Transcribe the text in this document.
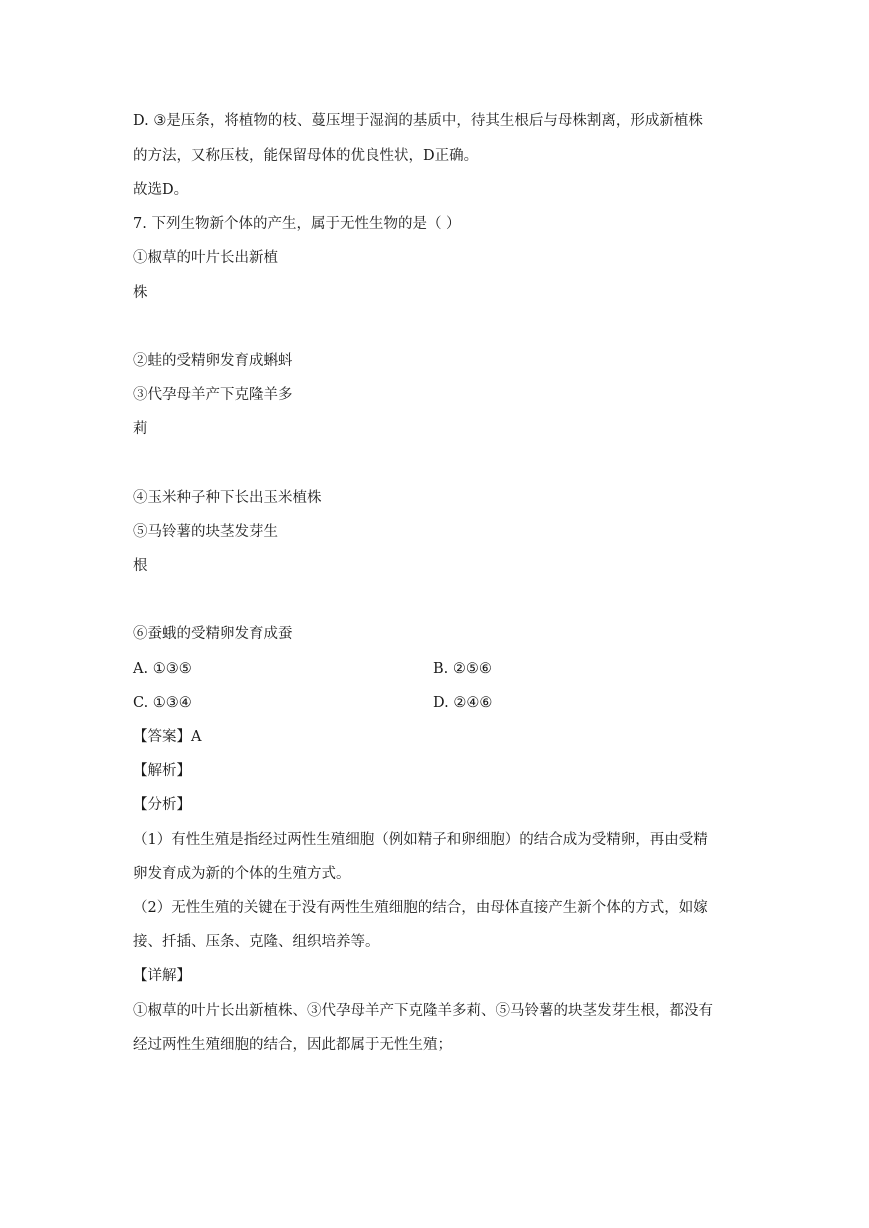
D. ③是压条，将植物的枝、蔓压埋于湿润的基质中，待其生根后与母株割离，形成新植株
的方法，又称压枝，能保留母体的优良性状，D正确。
故选D。
7. 下列生物新个体的产生，属于无性生物的是（ ）
①椒草的叶片长出新植
株
②蛙的受精卵发育成蝌蚪
③代孕母羊产下克隆羊多
莉
④玉米种子种下长出玉米植株
⑤马铃薯的块茎发芽生
根
⑥蚕蛾的受精卵发育成蚕
A. ①③⑤	B. ②⑤⑥
C. ①③④	D. ②④⑥
【答案】A
【解析】
【分析】
（1）有性生殖是指经过两性生殖细胞（例如精子和卵细胞）的结合成为受精卵，再由受精
卵发育成为新的个体的生殖方式。
（2）无性生殖的关键在于没有两性生殖细胞的结合，由母体直接产生新个体的方式，如嫁
接、扦插、压条、克隆、组织培养等。
【详解】
①椒草的叶片长出新植株、③代孕母羊产下克隆羊多莉、⑤马铃薯的块茎发芽生根，都没有
经过两性生殖细胞的结合，因此都属于无性生殖；
